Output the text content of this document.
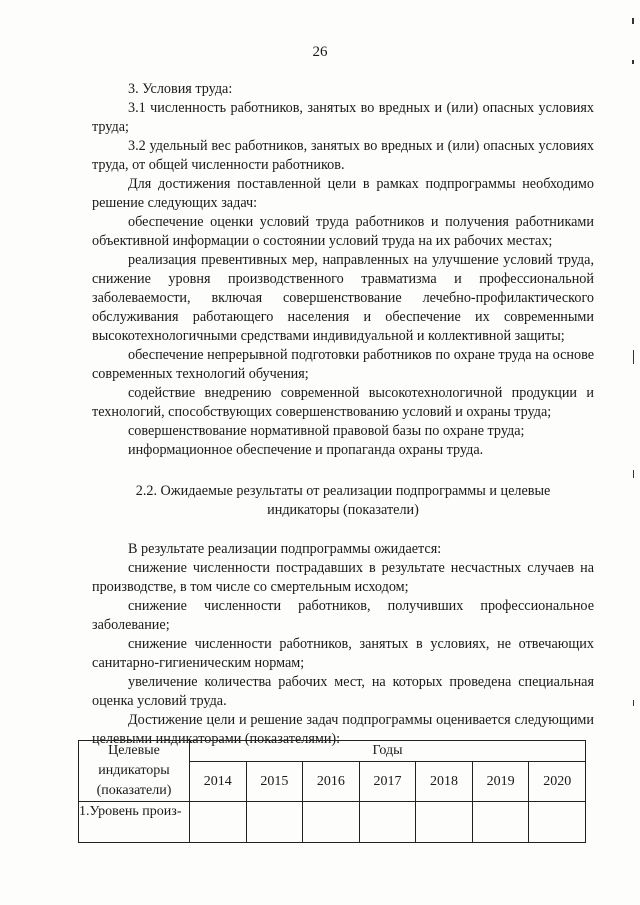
26

3. Условия труда:

3.1 численность работников, занятых во вредных и (или) опасных условиях труда;

3.2 удельный вес работников, занятых во вредных и (или) опасных условиях труда, от общей численности работников.

Для достижения поставленной цели в рамках подпрограммы необходимо решение следующих задач:

обеспечение оценки условий труда работников и получения работниками объективной информации о состоянии условий труда на их рабочих местах;

реализация превентивных мер, направленных на улучшение условий труда, снижение уровня производственного травматизма и профессиональной заболеваемости, включая совершенствование лечебно-профилактического обслуживания работающего населения и обеспечение их современными высокотехнологичными средствами индивидуальной и коллективной защиты;

обеспечение непрерывной подготовки работников по охране труда на основе современных технологий обучения;

содействие внедрению современной высокотехнологичной продукции и технологий, способствующих совершенствованию условий и охраны труда;

совершенствование нормативной правовой базы по охране труда;

информационное обеспечение и пропаганда охраны труда.

2.2. Ожидаемые результаты от реализации подпрограммы и целевые индикаторы (показатели)

В результате реализации подпрограммы ожидается:

снижение численности пострадавших в результате несчастных случаев на производстве, в том числе со смертельным исходом;

снижение численности работников, получивших профессиональное заболевание;

снижение численности работников, занятых в условиях, не отвечающих санитарно-гигиеническим нормам;

увеличение количества рабочих мест, на которых проведена специальная оценка условий труда.

Достижение цели и решение задач подпрограммы оценивается следующими целевыми индикаторами (показателями):

Целевые индикаторы (показатели)	Годы						
	2014	2015	2016	2017	2018	2019	2020
1.Уровень произ-							
